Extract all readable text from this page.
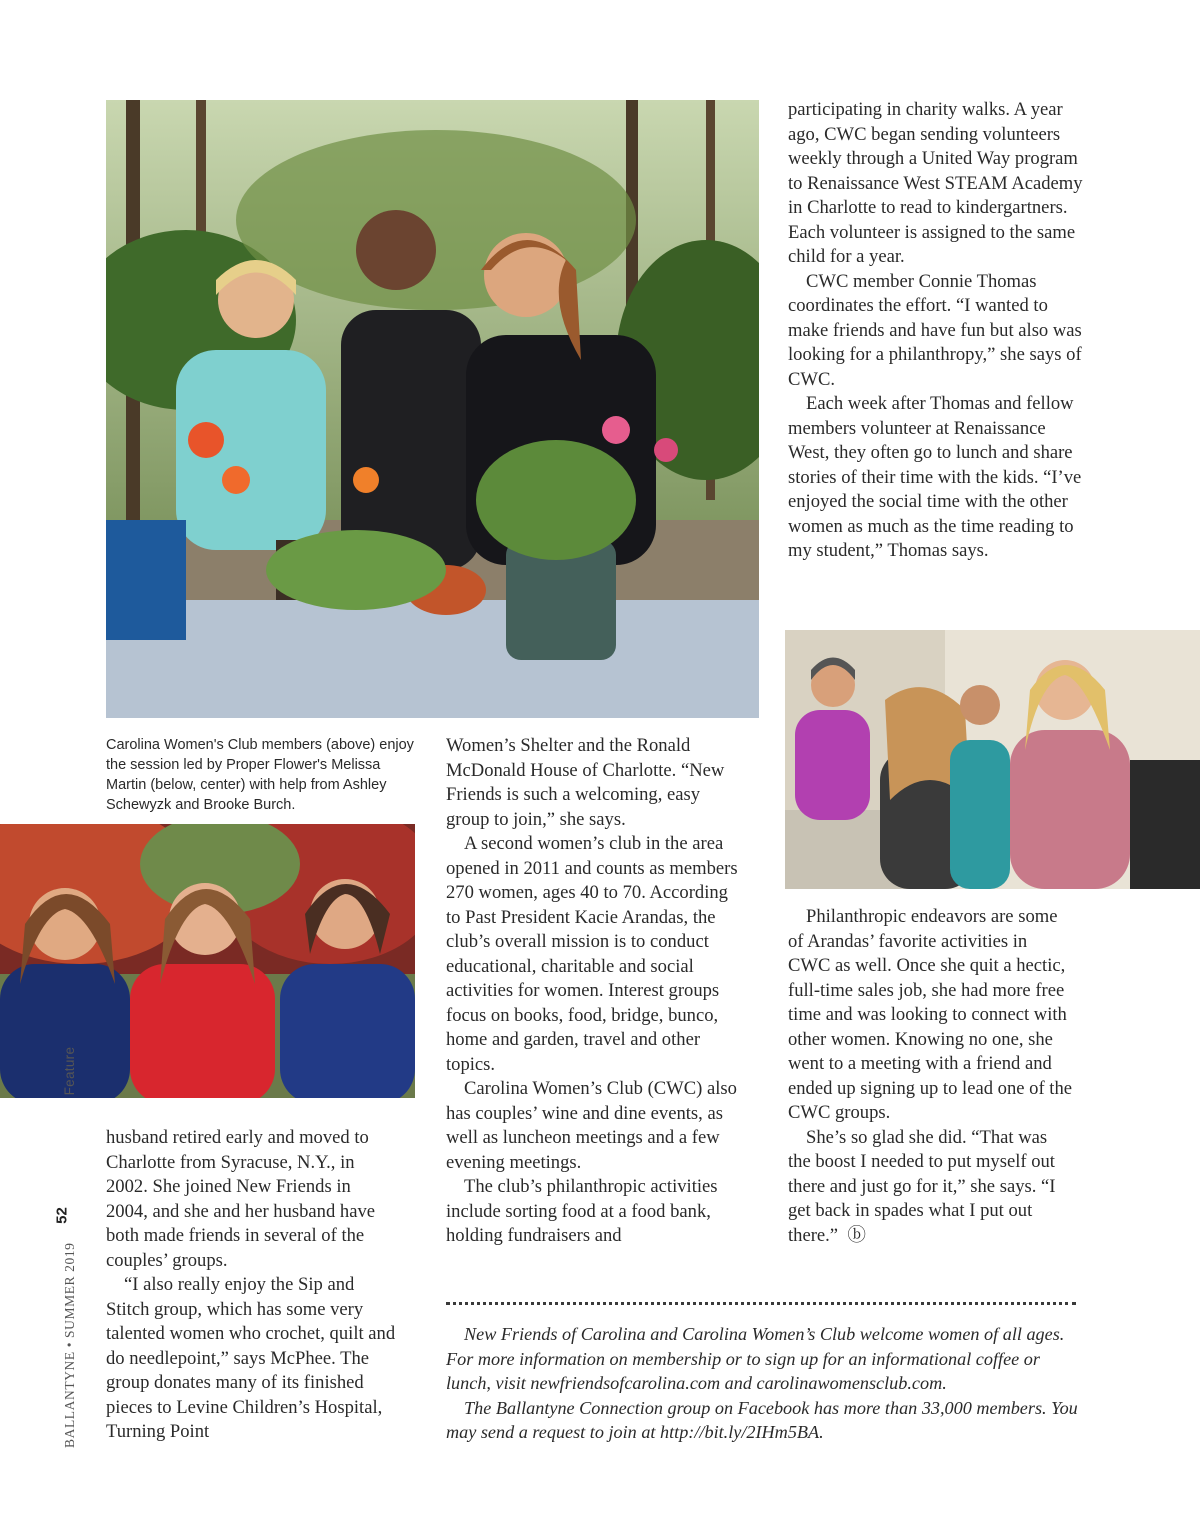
Carolina Women's Club members (above) enjoy the session led by Proper Flower's Melissa Martin (below, center) with help from Ashley Schewyzk and Brooke Burch.
BALLANTYNE • SUMMER 2019                                     Feature
52

husband retired early and moved to Charlotte from Syracuse, N.Y., in 2002. She joined New Friends in 2004, and she and her husband have both made friends in several of the couples’ groups.

“I also really enjoy the Sip and Stitch group, which has some very talented women who crochet, quilt and do needlepoint,” says McPhee. The group donates many of its finished pieces to Levine Children’s Hospital, Turning Point

Women’s Shelter and the Ronald McDonald House of Charlotte. “New Friends is such a welcoming, easy group to join,” she says.

A second women’s club in the area opened in 2011 and counts as members 270 women, ages 40 to 70. According to Past President Kacie Arandas, the club’s overall mission is to conduct educational, charitable and social activities for women. Interest groups focus on books, food, bridge, bunco, home and garden, travel and other topics.

Carolina Women’s Club (CWC) also has couples’ wine and dine events, as well as luncheon meetings and a few evening meetings.

The club’s philanthropic activities include sorting food at a food bank, holding fundraisers and

participating in charity walks. A year ago, CWC began sending volunteers weekly through a United Way program to Renaissance West STEAM Academy in Charlotte to read to kindergartners. Each volunteer is assigned to the same child for a year.

CWC member Connie Thomas coordinates the effort. “I wanted to make friends and have fun but also was looking for a philanthropy,” she says of CWC.

Each week after Thomas and fellow members volunteer at Renaissance West, they often go to lunch and share stories of their time with the kids. “I’ve enjoyed the social time with the other women as much as the time reading to my student,” Thomas says.

Philanthropic endeavors are some of Arandas’ favorite activities in CWC as well. Once she quit a hectic, full-time sales job, she had more free time and was looking to connect with other women. Knowing no one, she went to a meeting with a friend and ended up signing up to lead one of the CWC groups.

She’s so glad she did. “That was the boost I needed to put myself out there and just go for it,” she says. “I get back in spades what I put out there.” ⓑ

New Friends of Carolina and Carolina Women’s Club welcome women of all ages. For more information on membership or to sign up for an informational coffee or lunch, visit newfriendsofcarolina.com and carolinawomensclub.com.

The Ballantyne Connection group on Facebook has more than 33,000 members. You may send a request to join at http://bit.ly/2IHm5BA.
